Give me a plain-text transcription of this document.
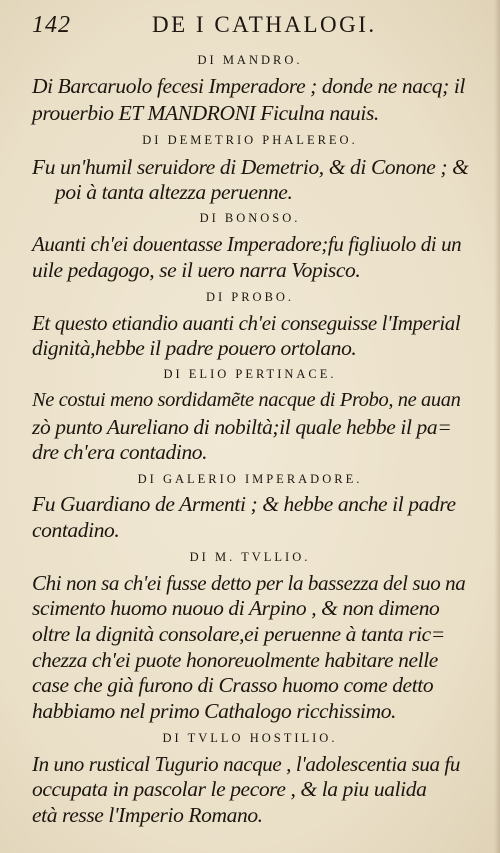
142	DE I CATHALOGI.
DI MANDRO.
Di Barcaruolo fecesi Imperadore ; donde ne nacq; il
prouerbio ET MANDRONI Ficulna nauis.
DI DEMETRIO PHALEREO.
Fu un'humil seruidore di Demetrio, & di Conone ; &
poi à tanta altezza peruenne.
DI BONOSO.
Auanti ch'ei douentasse Imperadore;fu figliuolo di un
uile pedagogo, se il uero narra Vopisco.
DI PROBO.
Et questo etiandio auanti ch'ei conseguisse l'Imperial
dignità,hebbe il padre pouero ortolano.
DI ELIO PERTINACE.
Ne costui meno sordidamẽte nacque di Probo, ne auan
zò punto Aureliano di nobiltà;il quale hebbe il pa=
dre ch'era contadino.
DI GALERIO IMPERADORE.
Fu Guardiano de Armenti ; & hebbe anche il padre
contadino.
DI M. TVLLIO.
Chi non sa ch'ei fusse detto per la bassezza del suo na
scimento huomo nuouo di Arpino , & non dimeno
oltre la dignità consolare,ei peruenne à tanta ric=
chezza ch'ei puote honoreuolmente habitare nelle
case che già furono di Crasso huomo come detto
habbiamo nel primo Cathalogo ricchissimo.
DI TVLLO HOSTILIO.
In uno rustical Tugurio nacque , l'adolescentia sua fu
occupata in pascolar le pecore , & la piu ualida
età resse l'Imperio Romano.
